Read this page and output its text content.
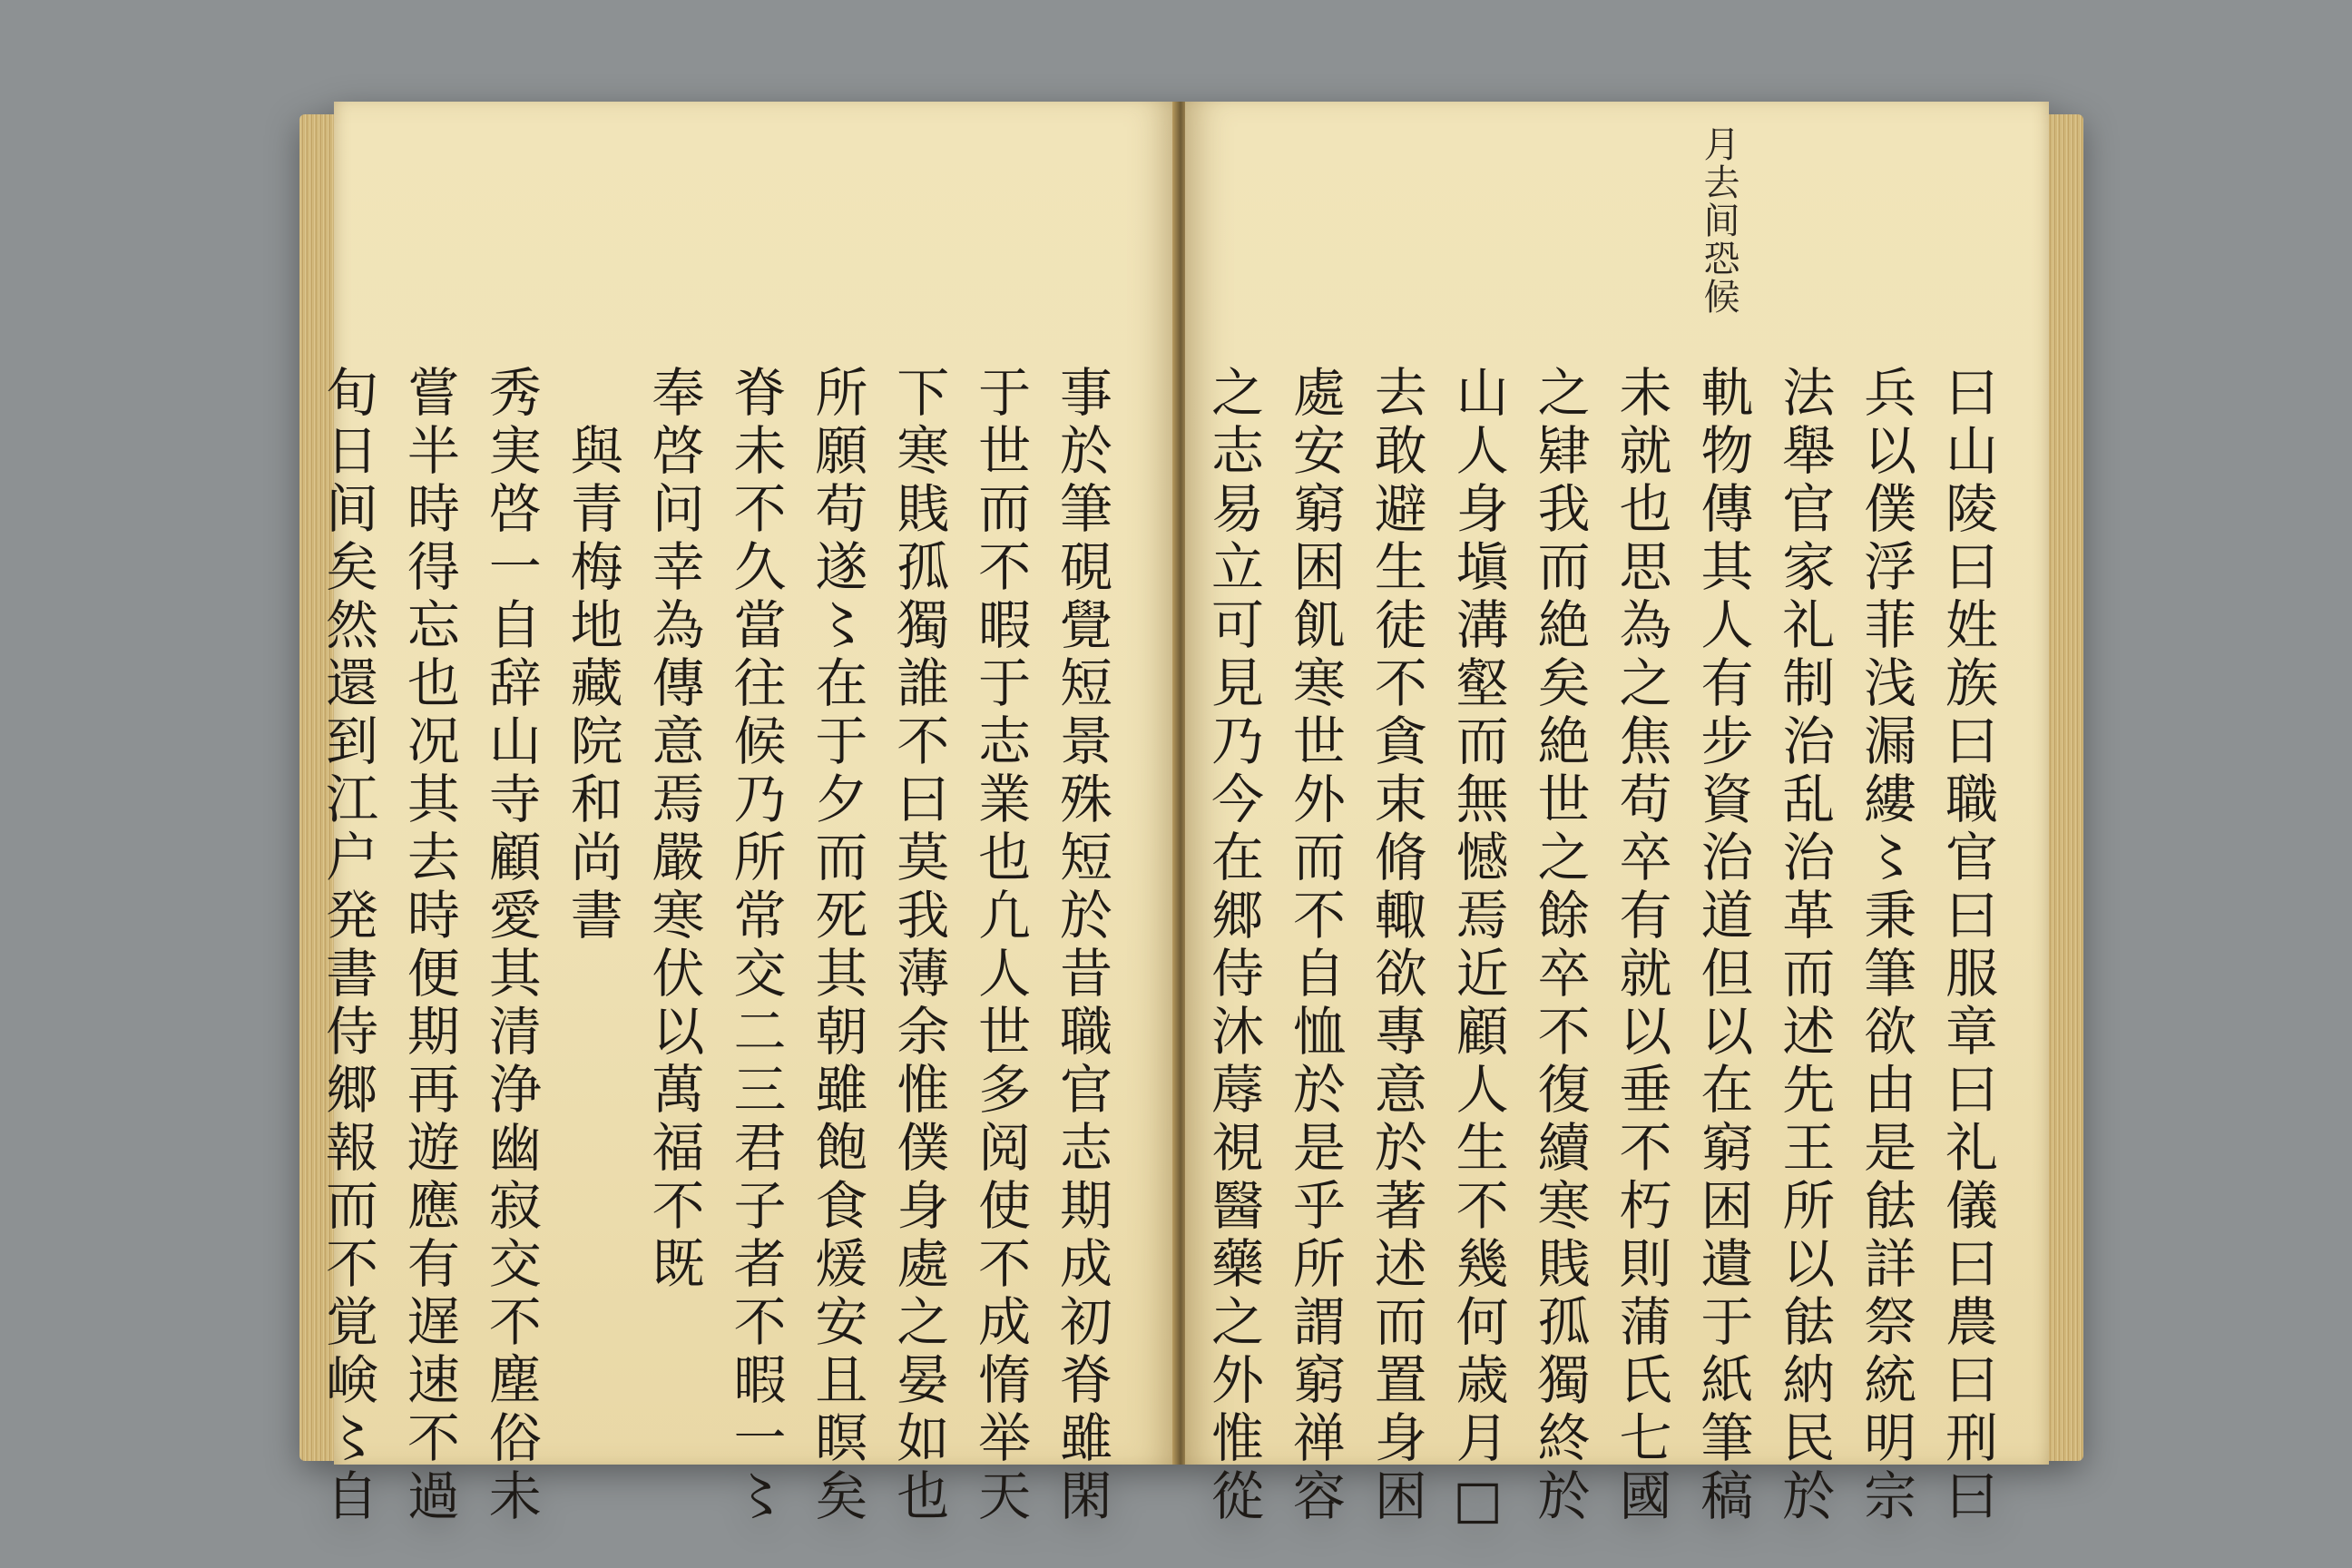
事於筆硯覺短景殊短於昔職官志期成初脊雖閑
于世而不暇于志業也凢人世多阅使不成惰举天
下寒賎孤獨誰不曰莫我薄余惟僕身處之晏如也
所願苟遂〻在于夕而死其朝雖飽食煖安且瞑矣
脊未不久當往候乃所常交二三君子者不暇一〻
奉啓问幸為傳意焉嚴寒伏以萬福不既
　與青梅地藏院和尚書
秀実啓一自辞山寺顧愛其清浄幽寂交不塵俗未
嘗半時得忘也况其去時便期再遊應有遅速不過
旬日间矣然還到江户発書侍郷報而不覚𡸴〻自
月去间恐候
曰山陵曰姓族曰職官曰服章曰礼儀曰農曰刑曰
兵以僕浮菲浅漏縷〻秉筆欲由是䏻詳祭統明宗
法舉官家礼制治乱治革而述先王所以䏻納民於
軌物傳其人有步資治道但以在窮困遺于紙筆稿
未就也思為之焦苟卒有就以垂不朽則蒲氏七國
之肄我而絶矣絶世之餘卒不復續寒賎孤獨終於
山人身塡溝壑而無憾焉近顧人生不幾何歳月□
去敢避生徒不貪束脩輙欲專意於著述而置身困
處安窮困飢寒世外而不自恤於是乎所謂窮禅容
之志易立可見乃今在郷侍沐蓐視醫藥之外惟從
